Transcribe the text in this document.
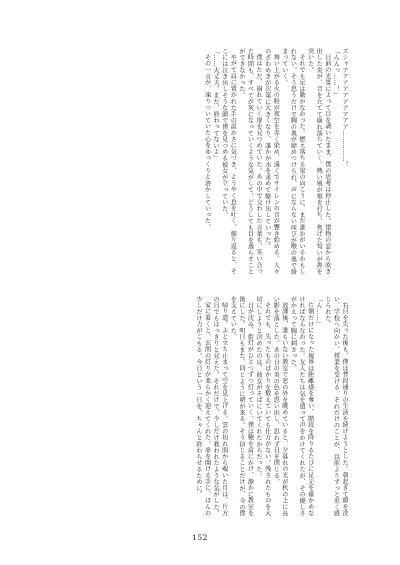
ズシャアアアアアアアアアア……………！

「んんっ……！」

目前の光景によって目を剥いたまま、僕の思考は停止した。建物の窓から吹き出した炎が、音を立てて崩れ落ちていく。熱い風が頬を打ち、焦げた匂いが鼻を突いた。

それでも足は動かなかった。燃え落ちる梁の向こうに、まだ誰かがいるかもしれない。そう思うだけで胸の奥が締めつけられ、声にならない叫びが喉の奥で絡まっていく。

舞い上がる火の粉が夜空を赤く染め、遠くでサイレンの音が響き始める。人々のざわめきが次第に大きくなり、誰かが水を求めて駆け出していった。

僕はただ、崩れていく扉を見つめていた。あの中で交わした言葉も、笑い合った時間も、すべてが灰になっていくような気がして、どうしても目を逸らすことができなかった。

やがて肩に置かれた手の温かさに気づき、ようやく息を吐く。振り返ると、そこには泣き出しそうな顔で僕を見つめる彼女が立っていた。

「……大丈夫。まだ、終わってないよ」

その一言が、凍りついていた心をゆっくりと溶かしていった。

右目を失った後も、僕は普段通りの生活を続けようとした。朝起きて顔を洗い、学校へ向かい、授業を受ける。それだけのことが、以前よりずっと重く感じられた。

「ん……」

片側だけになった視界は距離感を奪い、階段を降りるたびに足元を確かめなければならなかった。友人たちは気を遣って声をかけてくれたが、その優しさがかえって胸に刺さった。

放課後、誰もいない教室で窓の外を眺めていると、夕暮れの光が机の上に長い影を落とした。あの日の炎の色を思い出し、思わず目を閉じる。

それでも、失ったものばかりを数えていても仕方がない。残されたものを大切にしようと決めたのは、彼女がそばにいてくれたからだった。

日が沈み、街灯がひとつずつ灯っていく。僕は鞄を肩にかけ、静かに教室を後にした。明日もまた、同じように朝が来る。そう信じることだけが、今の僕を支えていた。

帰り道、ふと立ち止まって空を見上げる。雲の切れ間から覗いた月は、片方の目でもはっきりと見えた。それだけで、少しだけ救われたような気がした。

家に着くと、玄関の灯りが柔らかく迎えてくれた。扉を開ける手に、ほんの少しだけ力がこもる。今日という一日を、ちゃんと終わらせるために。

152
